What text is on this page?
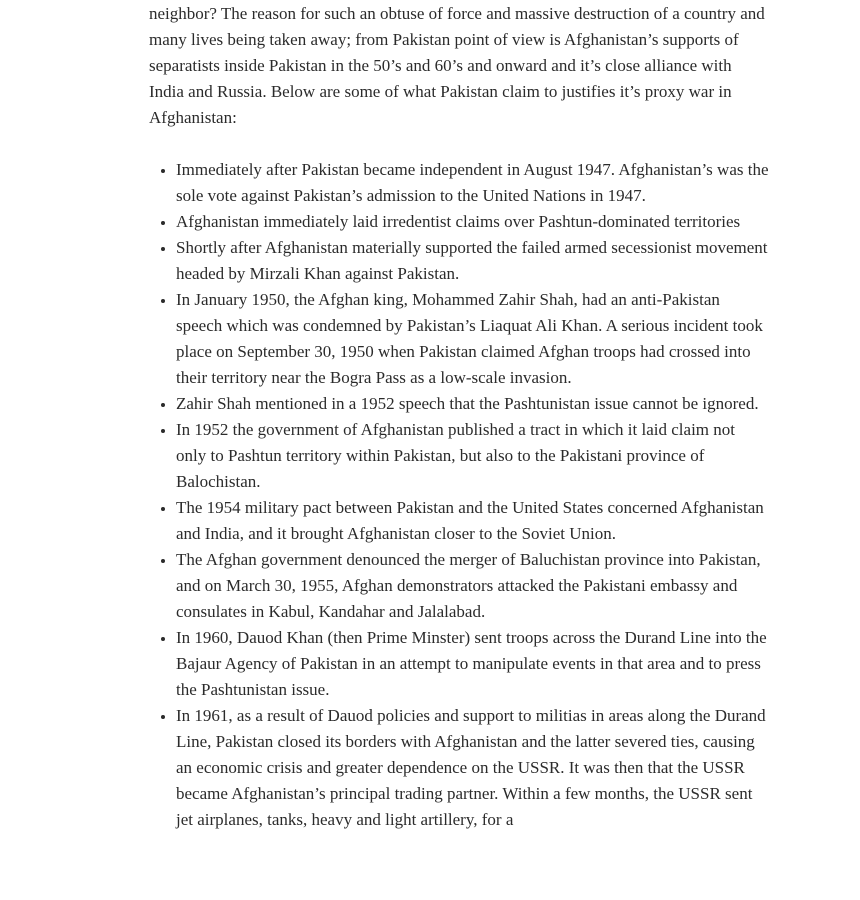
neighbor? The reason for such an obtuse of force and massive destruction of a country and many lives being taken away; from Pakistan point of view is Afghanistan’s supports of separatists inside Pakistan in the 50’s and 60’s and onward and it’s close alliance with India and Russia. Below are some of what Pakistan claim to justifies it’s proxy war in Afghanistan:

• Immediately after Pakistan became independent in August 1947. Afghanistan’s was the sole vote against Pakistan’s admission to the United Nations in 1947.
• Afghanistan immediately laid irredentist claims over Pashtun-dominated territories
• Shortly after Afghanistan materially supported the failed armed secessionist movement headed by Mirzali Khan against Pakistan.
• In January 1950, the Afghan king, Mohammed Zahir Shah, had an anti-Pakistan speech which was condemned by Pakistan’s Liaquat Ali Khan. A serious incident took place on September 30, 1950 when Pakistan claimed Afghan troops had crossed into their territory near the Bogra Pass as a low-scale invasion.
• Zahir Shah mentioned in a 1952 speech that the Pashtunistan issue cannot be ignored.
• In 1952 the government of Afghanistan published a tract in which it laid claim not only to Pashtun territory within Pakistan, but also to the Pakistani province of Balochistan.
• The 1954 military pact between Pakistan and the United States concerned Afghanistan and India, and it brought Afghanistan closer to the Soviet Union.
• The Afghan government denounced the merger of Baluchistan province into Pakistan, and on March 30, 1955, Afghan demonstrators attacked the Pakistani embassy and consulates in Kabul, Kandahar and Jalalabad.
• In 1960, Dauod Khan (then Prime Minster) sent troops across the Durand Line into the Bajaur Agency of Pakistan in an attempt to manipulate events in that area and to press the Pashtunistan issue.
• In 1961, as a result of Dauod policies and support to militias in areas along the Durand Line, Pakistan closed its borders with Afghanistan and the latter severed ties, causing an economic crisis and greater dependence on the USSR. It was then that the USSR became Afghanistan’s principal trading partner. Within a few months, the USSR sent jet airplanes, tanks, heavy and light artillery, for a
